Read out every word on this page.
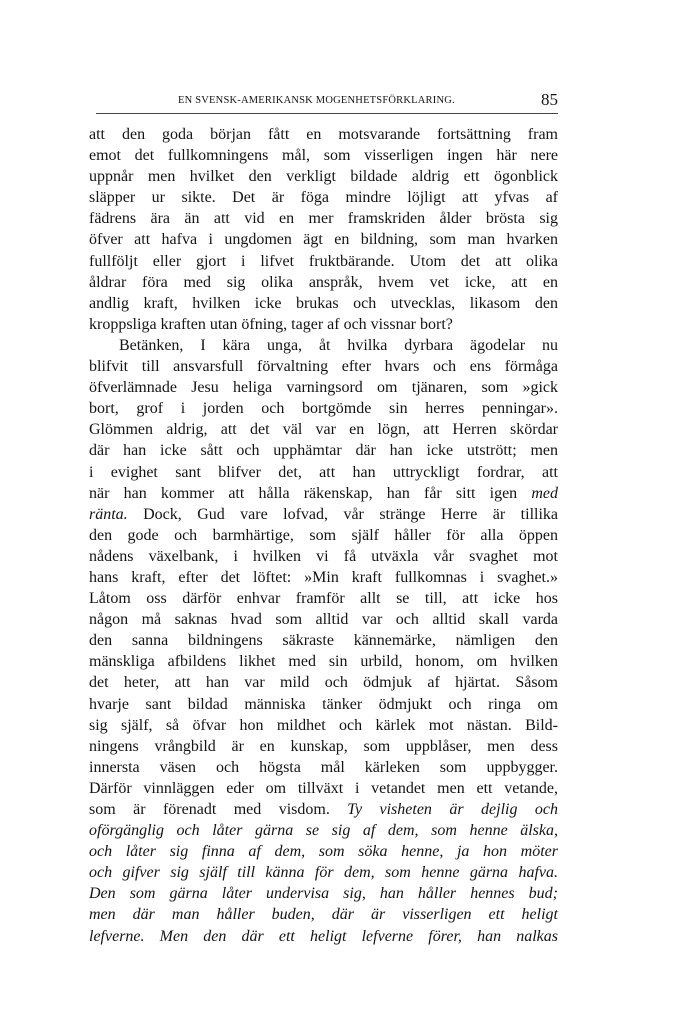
EN SVENSK-AMERIKANSK MOGENHETSFÖRKLARING.	85
att den goda början fått en motsvarande fortsättning fram
emot det fullkomningens mål, som visserligen ingen här nere
uppnår men hvilket den verkligt bildade aldrig ett ögonblick
släpper ur sikte. Det är föga mindre löjligt att yfvas af
fädrens ära än att vid en mer framskriden ålder brösta sig
öfver att hafva i ungdomen ägt en bildning, som man hvarken
fullföljt eller gjort i lifvet fruktbärande. Utom det att olika
åldrar föra med sig olika anspråk, hvem vet icke, att en
andlig kraft, hvilken icke brukas och utvecklas, likasom den
kroppsliga kraften utan öfning, tager af och vissnar bort?
Betänken, I kära unga, åt hvilka dyrbara ägodelar nu
blifvit till ansvarsfull förvaltning efter hvars och ens förmåga
öfverlämnade Jesu heliga varningsord om tjänaren, som »gick
bort, grof i jorden och bortgömde sin herres penningar».
Glömmen aldrig, att det väl var en lögn, att Herren skördar
där han icke sått och upphämtar där han icke utstrött; men
i evighet sant blifver det, att han uttryckligt fordrar, att
när han kommer att hålla räkenskap, han får sitt igen med
ränta. Dock, Gud vare lofvad, vår stränge Herre är tillika
den gode och barmhärtige, som själf håller för alla öppen
nådens växelbank, i hvilken vi få utväxla vår svaghet mot
hans kraft, efter det löftet: »Min kraft fullkomnas i svaghet.»
Låtom oss därför enhvar framför allt se till, att icke hos
någon må saknas hvad som alltid var och alltid skall varda
den sanna bildningens säkraste kännemärke, nämligen den
mänskliga afbildens likhet med sin urbild, honom, om hvilken
det heter, att han var mild och ödmjuk af hjärtat. Såsom
hvarje sant bildad människa tänker ödmjukt och ringa om
sig själf, så öfvar hon mildhet och kärlek mot nästan. Bild-
ningens vrångbild är en kunskap, som uppblåser, men dess
innersta väsen och högsta mål kärleken som uppbygger.
Därför vinnläggen eder om tillväxt i vetandet men ett vetande,
som är förenadt med visdom. Ty visheten är dejlig och
oförgänglig och låter gärna se sig af dem, som henne älska,
och låter sig finna af dem, som söka henne, ja hon möter
och gifver sig själf till känna för dem, som henne gärna hafva.
Den som gärna låter undervisa sig, han håller hennes bud;
men där man håller buden, där är visserligen ett heligt
lefverne. Men den där ett heligt lefverne förer, han nalkas
